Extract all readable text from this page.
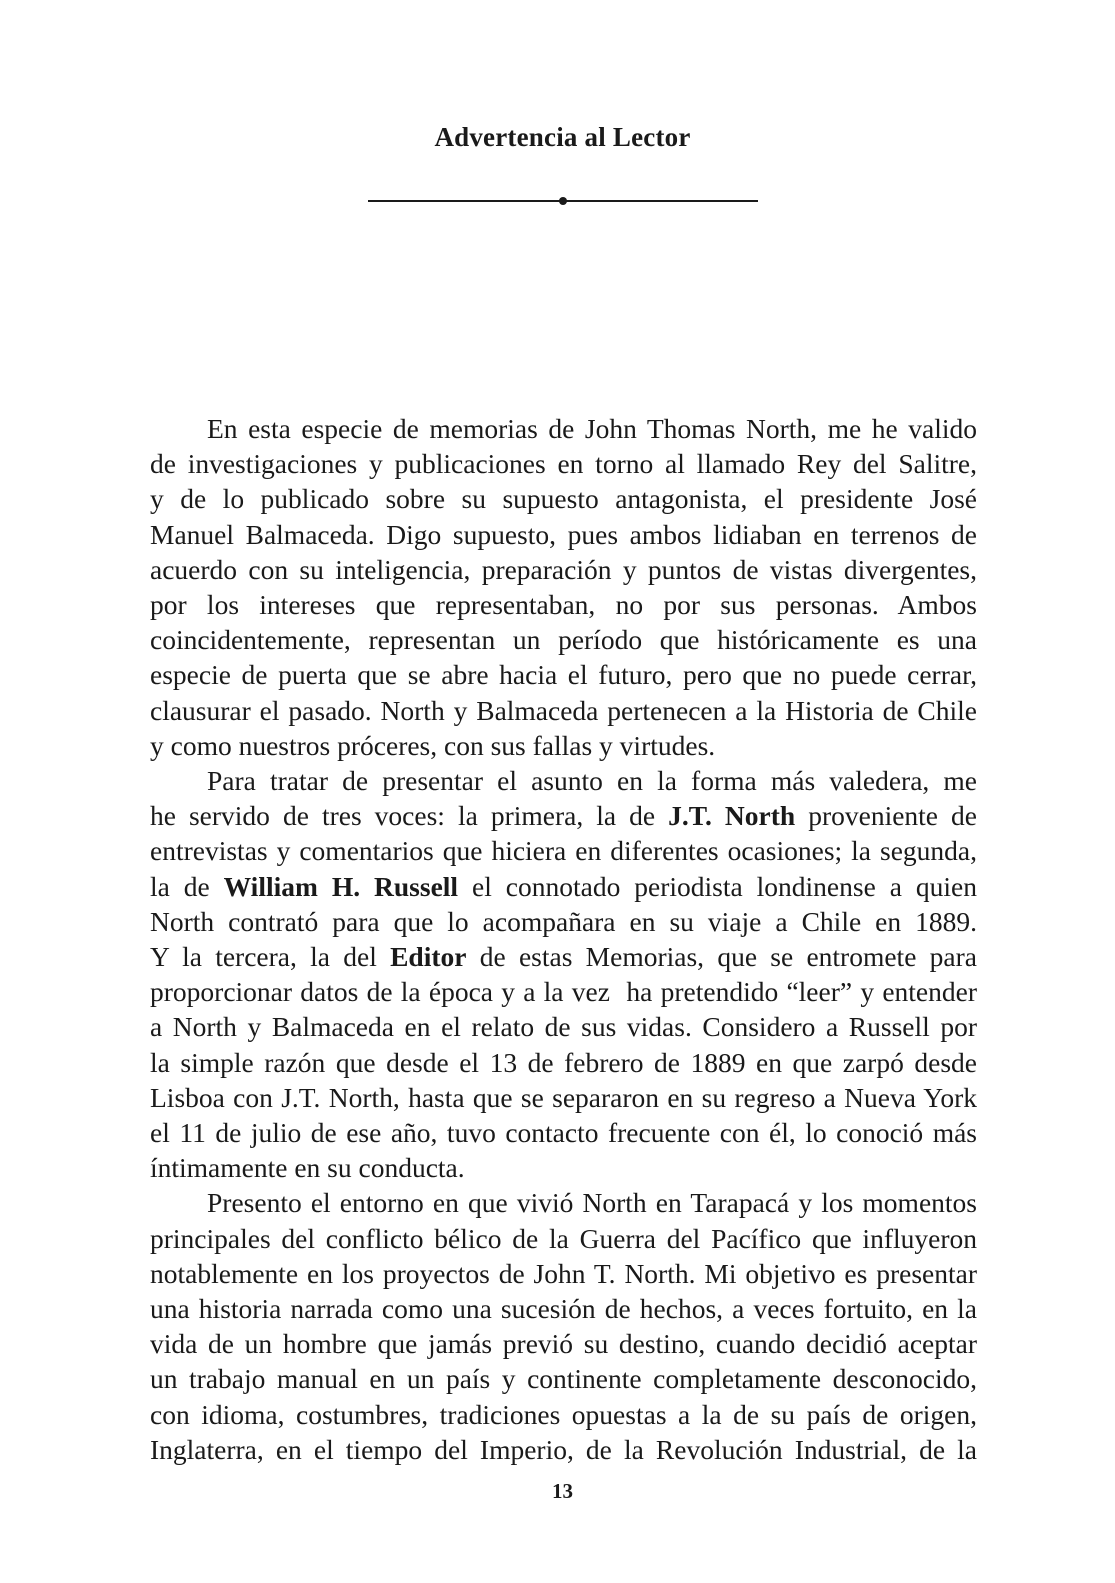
Advertencia al Lector

En esta especie de memorias de John Thomas North, me he valido
de investigaciones y publicaciones en torno al llamado Rey del Salitre,
y de lo publicado sobre su supuesto antagonista, el presidente José
Manuel Balmaceda. Digo supuesto, pues ambos lidiaban en terrenos de
acuerdo con su inteligencia, preparación y puntos de vistas divergentes,
por los intereses que representaban, no por sus personas. Ambos
coincidentemente, representan un período que históricamente es una
especie de puerta que se abre hacia el futuro, pero que no puede cerrar,
clausurar el pasado. North y Balmaceda pertenecen a la Historia de Chile
y como nuestros próceres, con sus fallas y virtudes.

Para tratar de presentar el asunto en la forma más valedera, me
he servido de tres voces: la primera, la de J.T. North proveniente de
entrevistas y comentarios que hiciera en diferentes ocasiones; la segunda,
la de William H. Russell el connotado periodista londinense a quien
North contrató para que lo acompañara en su viaje a Chile en 1889.
Y la tercera, la del Editor de estas Memorias, que se entromete para
proporcionar datos de la época y a la vez  ha pretendido “leer” y entender
a North y Balmaceda en el relato de sus vidas. Considero a Russell por
la simple razón que desde el 13 de febrero de 1889 en que zarpó desde
Lisboa con J.T. North, hasta que se separaron en su regreso a Nueva York
el 11 de julio de ese año, tuvo contacto frecuente con él, lo conoció más
íntimamente en su conducta.

Presento el entorno en que vivió North en Tarapacá y los momentos
principales del conflicto bélico de la Guerra del Pacífico que influyeron
notablemente en los proyectos de John T. North. Mi objetivo es presentar
una historia narrada como una sucesión de hechos, a veces fortuito, en la
vida de un hombre que jamás previó su destino, cuando decidió aceptar
un trabajo manual en un país y continente completamente desconocido,
con idioma, costumbres, tradiciones opuestas a la de su país de origen,
Inglaterra, en el tiempo del Imperio, de la Revolución Industrial, de la

13
